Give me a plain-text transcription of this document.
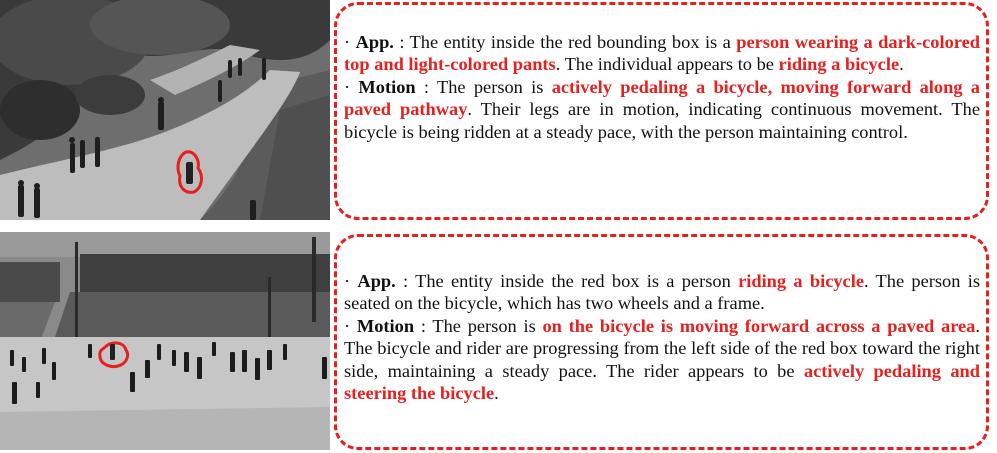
· App. : The entity inside the red bounding box is a person wearing a dark-colored top and light-colored pants. The individual appears to be riding a bicycle.

· Motion : The person is actively pedaling a bicycle, moving forward along a paved pathway. Their legs are in motion, indicating continuous movement. The bicycle is being ridden at a steady pace, with the person maintaining control.

· App. : The entity inside the red box is a person riding a bicycle. The person is seated on the bicycle, which has two wheels and a frame.

· Motion : The person is on the bicycle is moving forward across a paved area. The bicycle and rider are progressing from the left side of the red box toward the right side, maintaining a steady pace. The rider appears to be actively pedaling and steering the bicycle.
